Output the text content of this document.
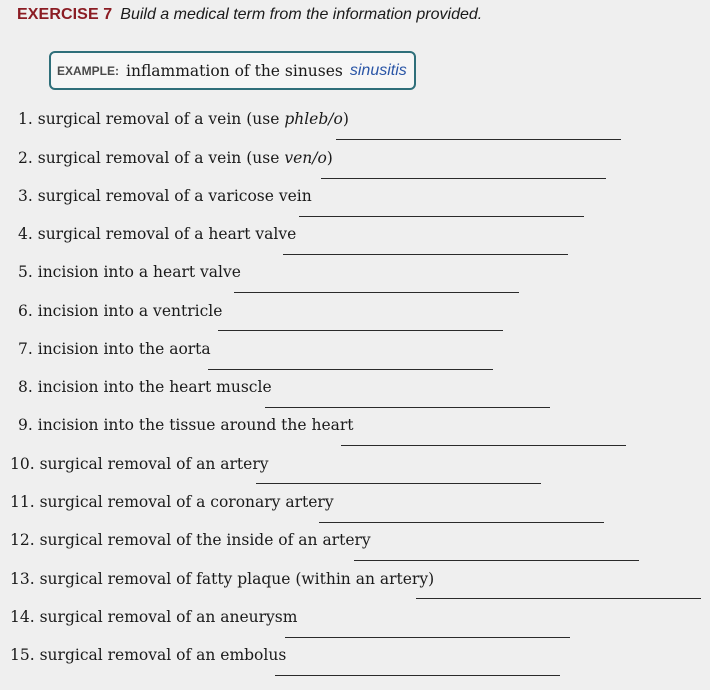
EXERCISE 7 Build a medical term from the information provided.
EXAMPLE: inflammation of the sinuses sinusitis
1. surgical removal of a vein (use phleb/o)
2. surgical removal of a vein (use ven/o)
3. surgical removal of a varicose vein
4. surgical removal of a heart valve
5. incision into a heart valve
6. incision into a ventricle
7. incision into the aorta
8. incision into the heart muscle
9. incision into the tissue around the heart
10. surgical removal of an artery
11. surgical removal of a coronary artery
12. surgical removal of the inside of an artery
13. surgical removal of fatty plaque (within an artery)
14. surgical removal of an aneurysm
15. surgical removal of an embolus
